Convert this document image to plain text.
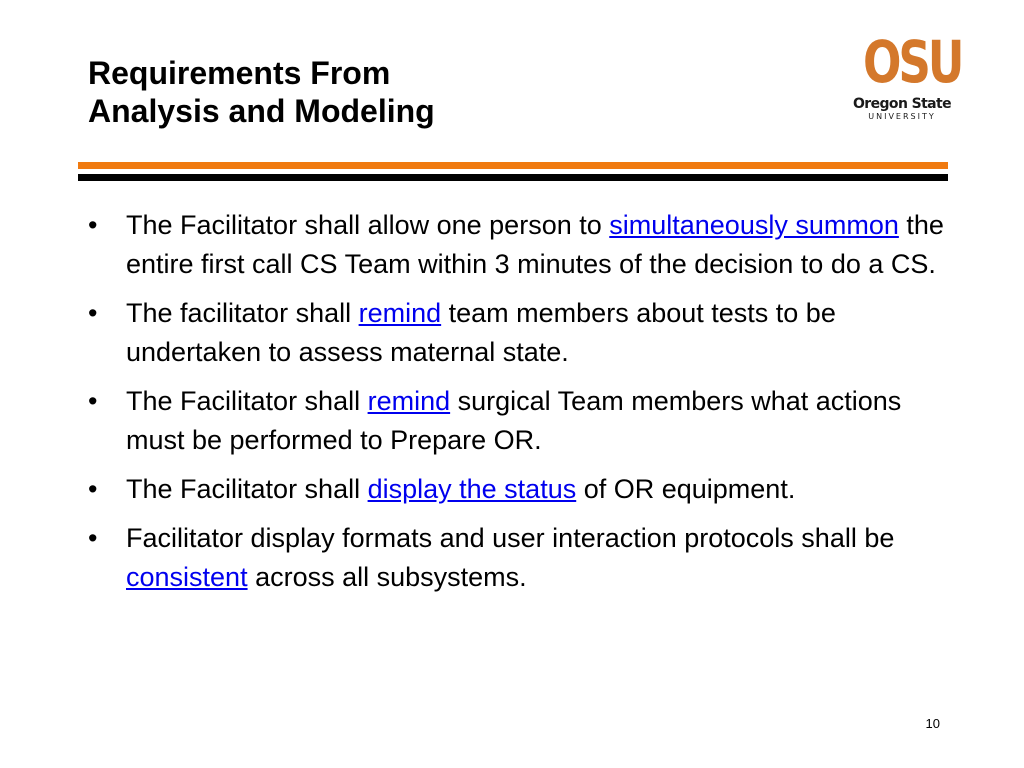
Requirements From
Analysis and Modeling
OSU
Oregon State
UNIVERSITY
• The Facilitator shall allow one person to simultaneously summon the entire first call CS Team within 3 minutes of the decision to do a CS.
• The facilitator shall remind team members about tests to be undertaken to assess maternal state.
• The Facilitator shall remind surgical Team members what actions must be performed to Prepare OR.
• The Facilitator shall display the status of OR equipment.
• Facilitator display formats and user interaction protocols shall be consistent across all subsystems.
10
